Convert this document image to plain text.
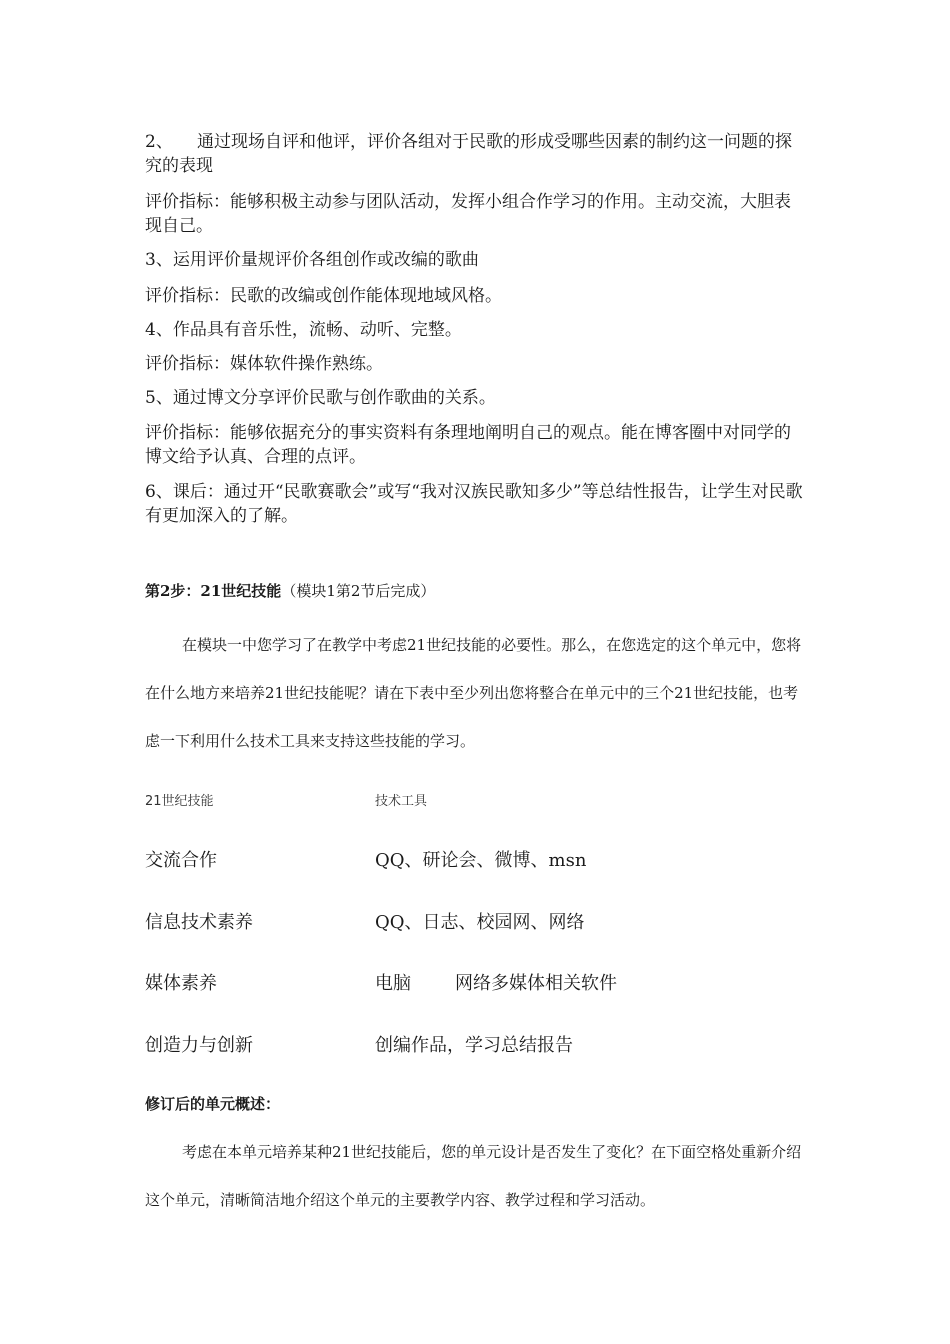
2、 通过现场自评和他评，评价各组对于民歌的形成受哪些因素的制约这一问题的探究的表现

评价指标：能够积极主动参与团队活动，发挥小组合作学习的作用。主动交流，大胆表现自己。

3、运用评价量规评价各组创作或改编的歌曲

评价指标：民歌的改编或创作能体现地域风格。

4、作品具有音乐性，流畅、动听、完整。

评价指标：媒体软件操作熟练。

5、通过博文分享评价民歌与创作歌曲的关系。

评价指标：能够依据充分的事实资料有条理地阐明自己的观点。能在博客圈中对同学的博文给予认真、合理的点评。

6、课后：通过开“民歌赛歌会”或写“我对汉族民歌知多少”等总结性报告，让学生对民歌有更加深入的了解。

第2步：21世纪技能（模块1第2节后完成）

在模块一中您学习了在教学中考虑21世纪技能的必要性。那么，在您选定的这个单元中，您将在什么地方来培养21世纪技能呢？请在下表中至少列出您将整合在单元中的三个21世纪技能，也考虑一下利用什么技术工具来支持这些技能的学习。

21世纪技能	技术工具
交流合作	QQ、研论会、微博、msn
信息技术素养	QQ、日志、校园网、网络
媒体素养	电脑 网络多媒体相关软件
创造力与创新	创编作品，学习总结报告

修订后的单元概述：

考虑在本单元培养某种21世纪技能后，您的单元设计是否发生了变化？在下面空格处重新介绍这个单元，清晰简洁地介绍这个单元的主要教学内容、教学过程和学习活动。
